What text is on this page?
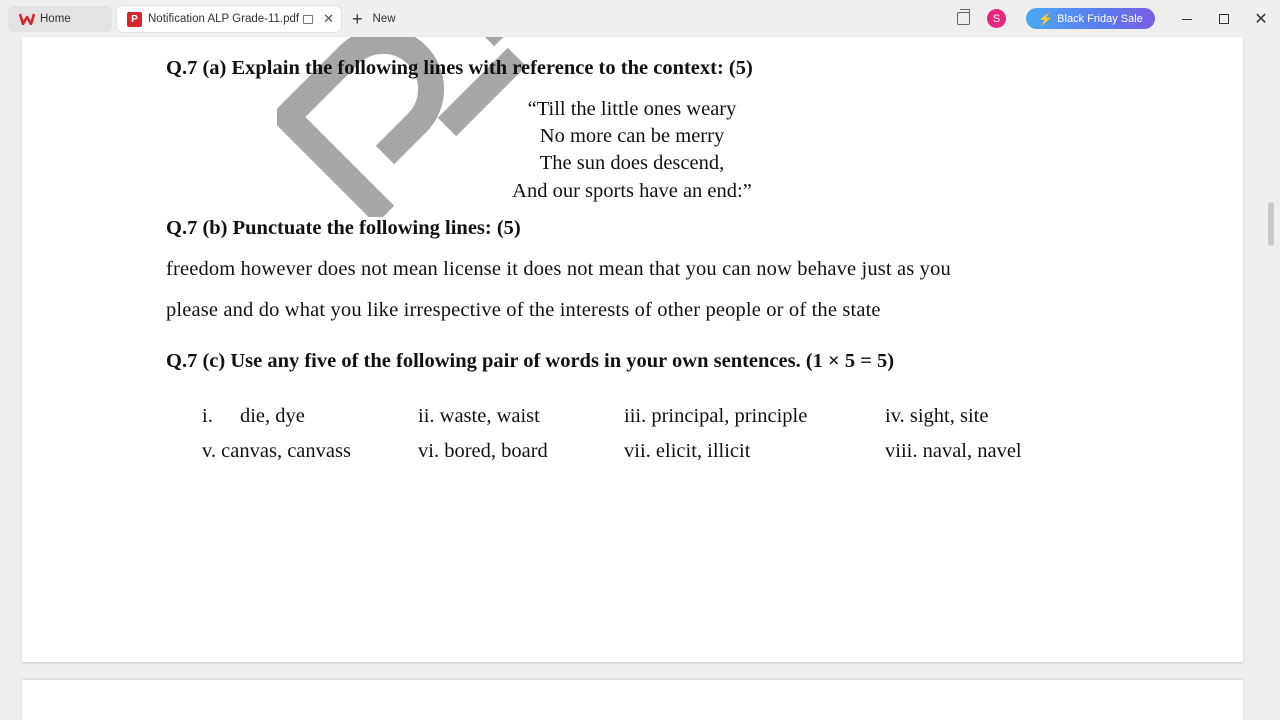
Home	P Notification ALP Grade-11.pdf ✕ + New	S	⚡ Black Friday Sale	✕
Q.7 (a) Explain the following lines with reference to the context: (5)
“Till the little ones weary
No more can be merry
The sun does descend,
And our sports have an end:”
Q.7 (b) Punctuate the following lines: (5)
freedom however does not mean license it does not mean that you can now behave just as you
please and do what you like irrespective of the interests of other people or of the state
Q.7 (c) Use any five of the following pair of words in your own sentences. (1 × 5 = 5)
i. die, dye	ii. waste, waist	iii. principal, principle	iv. sight, site
v. canvas, canvass	vi. bored, board	vii. elicit, illicit	viii. naval, navel
